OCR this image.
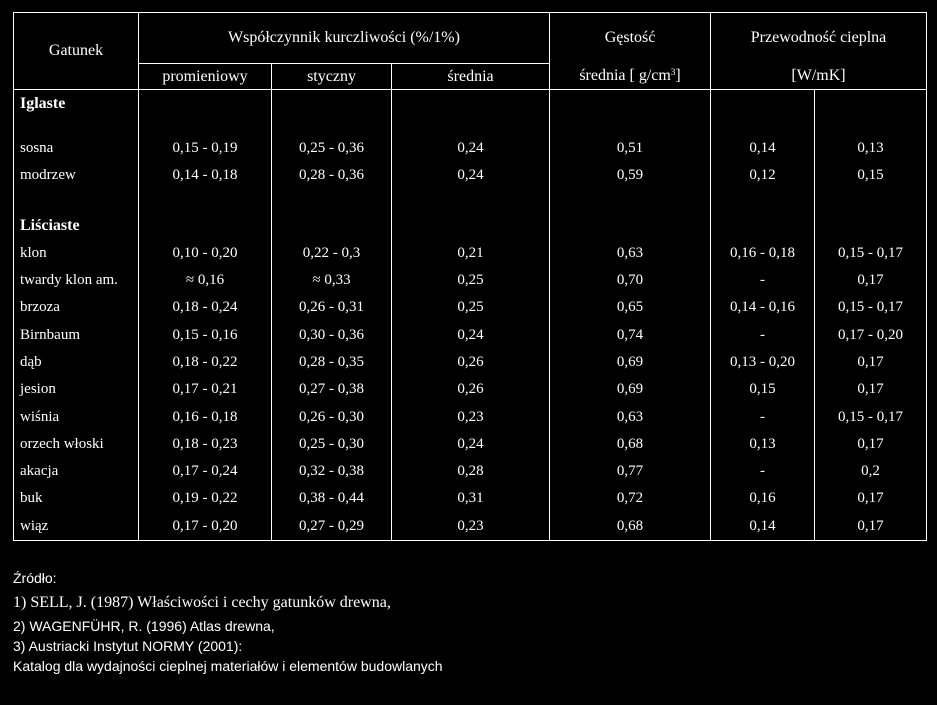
Gatunek	Współczynnik kurczliwości (%/1%)			Gęstość	Przewodność cieplna	
	promieniowy	styczny	średnia	średnia [ $g/cm^3$]	[W/mK]	
Iglaste						

sosna	0,15 - 0,19	0,25 - 0,36	0,24	0,51	0,14	0,13
modrzew	0,14 - 0,18	0,28 - 0,36	0,24	0,59	0,12	0,15

Liściaste						
klon	0,10 - 0,20	0,22 - 0,3	0,21	0,63	0,16 - 0,18	0,15 - 0,17
twardy klon am.	≈ 0,16	≈ 0,33	0,25	0,70	-	0,17
brzoza	0,18 - 0,24	0,26 - 0,31	0,25	0,65	0,14 - 0,16	0,15 - 0,17
Birnbaum	0,15 - 0,16	0,30 - 0,36	0,24	0,74	-	0,17 - 0,20
dąb	0,18 - 0,22	0,28 - 0,35	0,26	0,69	0,13 - 0,20	0,17
jesion	0,17 - 0,21	0,27 - 0,38	0,26	0,69	0,15	0,17
wiśnia	0,16 - 0,18	0,26 - 0,30	0,23	0,63	-	0,15 - 0,17
orzech włoski	0,18 - 0,23	0,25 - 0,30	0,24	0,68	0,13	0,17
akacja	0,17 - 0,24	0,32 - 0,38	0,28	0,77	-	0,2
buk	0,19 - 0,22	0,38 - 0,44	0,31	0,72	0,16	0,17
wiąz	0,17 - 0,20	0,27 - 0,29	0,23	0,68	0,14	0,17
Źródło:
1) SELL, J. (1987) Właściwości i cechy gatunków drewna,
2) WAGENFÜHR, R. (1996) Atlas drewna,
3) Austriacki Instytut NORMY (2001):
Katalog dla wydajności cieplnej materiałów i elementów budowlanych
